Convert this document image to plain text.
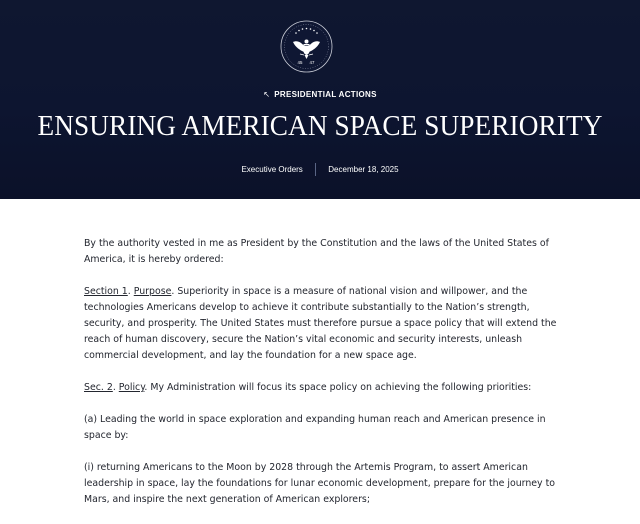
45 47
↖ PRESIDENTIAL ACTIONS
ENSURING AMERICAN SPACE SUPERIORITY
Executive Orders	December 18, 2025

By the authority vested in me as President by the Constitution and the laws of the United States of America, it is hereby ordered:

Section 1. Purpose. Superiority in space is a measure of national vision and willpower, and the technologies Americans develop to achieve it contribute substantially to the Nation’s strength, security, and prosperity. The United States must therefore pursue a space policy that will extend the reach of human discovery, secure the Nation’s vital economic and security interests, unleash commercial development, and lay the foundation for a new space age.

Sec. 2. Policy. My Administration will focus its space policy on achieving the following priorities:

(a) Leading the world in space exploration and expanding human reach and American presence in space by:

(i) returning Americans to the Moon by 2028 through the Artemis Program, to assert American leadership in space, lay the foundations for lunar economic development, prepare for the journey to Mars, and inspire the next generation of American explorers;
